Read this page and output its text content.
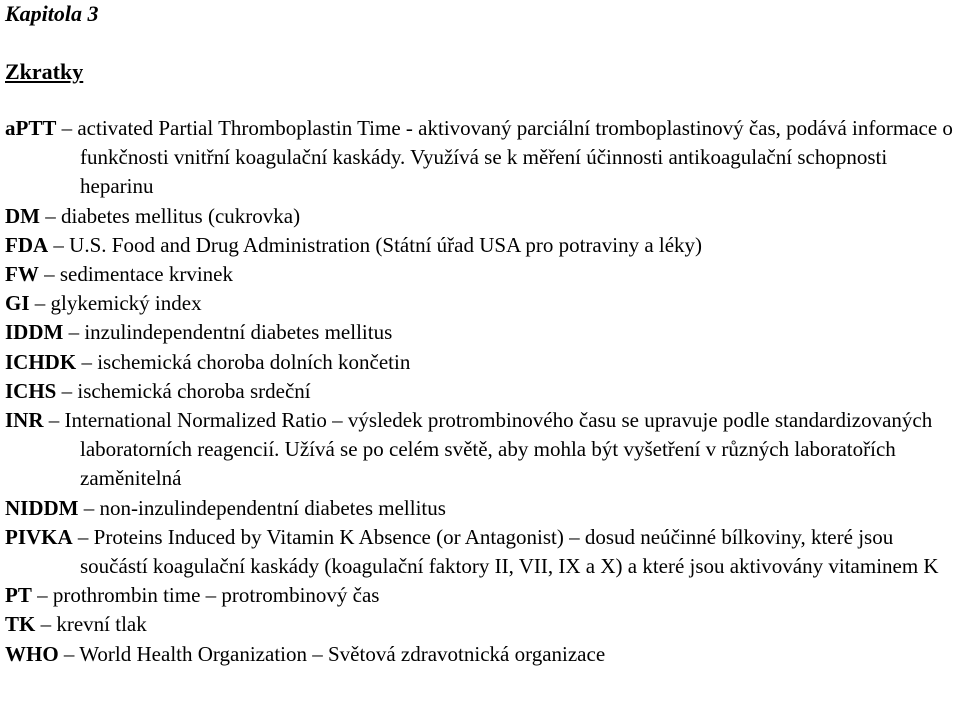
Kapitola 3
Zkratky
aPTT – activated Partial Thromboplastin Time - aktivovaný parciální tromboplastinový čas, podává informace o funkčnosti vnitřní koagulační kaskády. Využívá se k měření účinnosti antikoagulační schopnosti heparinu
DM – diabetes mellitus (cukrovka)
FDA – U.S. Food and Drug Administration (Státní úřad USA pro potraviny a léky)
FW – sedimentace krvinek
GI – glykemický index
IDDM – inzulindependentní diabetes mellitus
ICHDK – ischemická choroba dolních končetin
ICHS – ischemická choroba srdeční
INR – International Normalized Ratio – výsledek protrombinového času se upravuje podle standardizovaných laboratorních reagencií. Užívá se po celém světě, aby mohla být vyšetření v různých laboratořích zaměnitelná
NIDDM – non-inzulindependentní diabetes mellitus
PIVKA – Proteins Induced by Vitamin K Absence (or Antagonist) – dosud neúčinné bílkoviny, které jsou součástí koagulační kaskády (koagulační faktory II, VII, IX a X) a které jsou aktivovány vitaminem K
PT – prothrombin time – protrombinový čas
TK – krevní tlak
WHO – World Health Organization – Světová zdravotnická organizace
